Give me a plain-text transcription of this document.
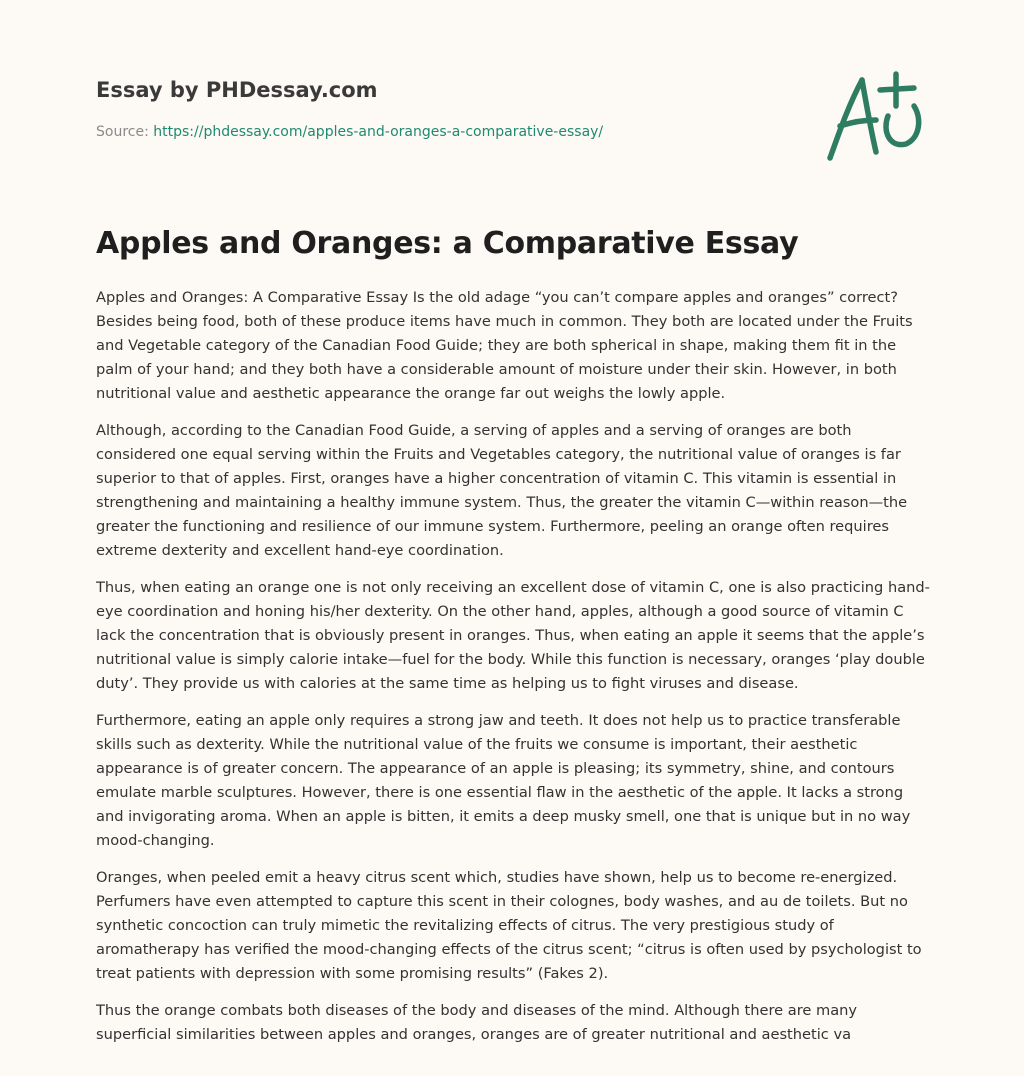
Essay by PHDessay.com
Source: https://phdessay.com/apples-and-oranges-a-comparative-essay/
Apples and Oranges: a Comparative Essay

Apples and Oranges: A Comparative Essay Is the old adage “you can’t compare apples and oranges” correct? Besides being food, both of these produce items have much in common. They both are located under the Fruits and Vegetable category of the Canadian Food Guide; they are both spherical in shape, making them fit in the palm of your hand; and they both have a considerable amount of moisture under their skin. However, in both nutritional value and aesthetic appearance the orange far out weighs the lowly apple.

Although, according to the Canadian Food Guide, a serving of apples and a serving of oranges are both considered one equal serving within the Fruits and Vegetables category, the nutritional value of oranges is far superior to that of apples. First, oranges have a higher concentration of vitamin C. This vitamin is essential in strengthening and maintaining a healthy immune system. Thus, the greater the vitamin C—within reason—the greater the functioning and resilience of our immune system. Furthermore, peeling an orange often requires extreme dexterity and excellent hand-eye coordination.

Thus, when eating an orange one is not only receiving an excellent dose of vitamin C, one is also practicing hand-eye coordination and honing his/her dexterity. On the other hand, apples, although a good source of vitamin C lack the concentration that is obviously present in oranges. Thus, when eating an apple it seems that the apple’s nutritional value is simply calorie intake—fuel for the body. While this function is necessary, oranges ‘play double duty’. They provide us with calories at the same time as helping us to fight viruses and disease.

Furthermore, eating an apple only requires a strong jaw and teeth. It does not help us to practice transferable skills such as dexterity. While the nutritional value of the fruits we consume is important, their aesthetic appearance is of greater concern. The appearance of an apple is pleasing; its symmetry, shine, and contours emulate marble sculptures. However, there is one essential flaw in the aesthetic of the apple. It lacks a strong and invigorating aroma. When an apple is bitten, it emits a deep musky smell, one that is unique but in no way mood-changing.

Oranges, when peeled emit a heavy citrus scent which, studies have shown, help us to become re-energized. Perfumers have even attempted to capture this scent in their colognes, body washes, and au de toilets. But no synthetic concoction can truly mimetic the revitalizing effects of citrus. The very prestigious study of aromatherapy has verified the mood-changing effects of the citrus scent; “citrus is often used by psychologist to treat patients with depression with some promising results” (Fakes 2).

Thus the orange combats both diseases of the body and diseases of the mind. Although there are many superficial similarities between apples and oranges, oranges are of greater nutritional and aesthetic va
